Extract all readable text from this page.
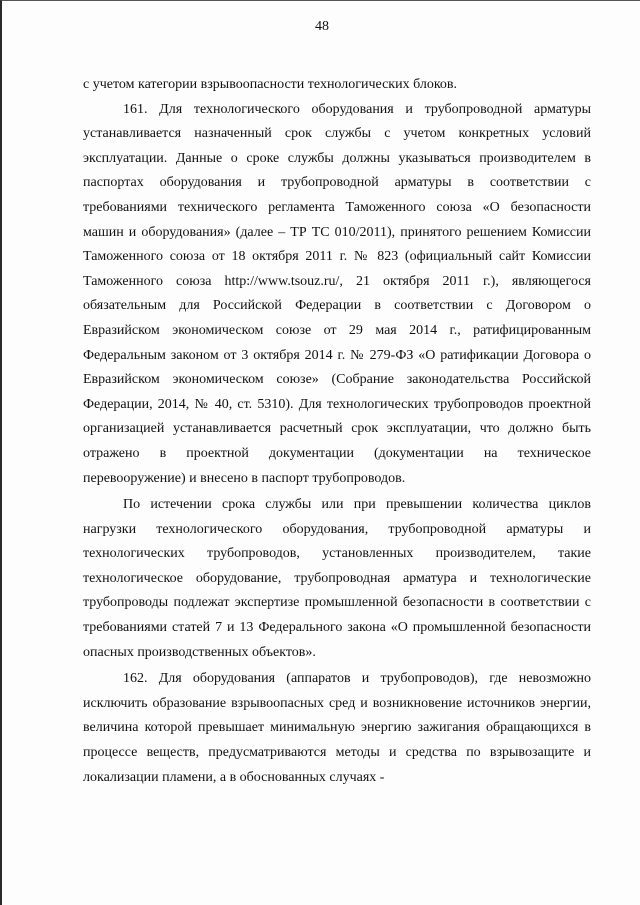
48

с учетом категории взрывоопасности технологических блоков.

161. Для технологического оборудования и трубопроводной арматуры устанавливается назначенный срок службы с учетом конкретных условий эксплуатации. Данные о сроке службы должны указываться производителем в паспортах оборудования и трубопроводной арматуры в соответствии с требованиями технического регламента Таможенного союза «О безопасности машин и оборудования» (далее – ТР ТС 010/2011), принятого решением Комиссии Таможенного союза от 18 октября 2011 г. № 823 (официальный сайт Комиссии Таможенного союза http://www.tsouz.ru/, 21 октября 2011 г.), являющегося обязательным для Российской Федерации в соответствии с Договором о Евразийском экономическом союзе от 29 мая 2014 г., ратифицированным Федеральным законом от 3 октября 2014 г. № 279-ФЗ «О ратификации Договора о Евразийском экономическом союзе» (Собрание законодательства Российской Федерации, 2014, № 40, ст. 5310). Для технологических трубопроводов проектной организацией устанавливается расчетный срок эксплуатации, что должно быть отражено в проектной документации (документации на техническое перевооружение) и внесено в паспорт трубопроводов.

По истечении срока службы или при превышении количества циклов нагрузки технологического оборудования, трубопроводной арматуры и технологических трубопроводов, установленных производителем, такие технологическое оборудование, трубопроводная арматура и технологические трубопроводы подлежат экспертизе промышленной безопасности в соответствии с требованиями статей 7 и 13 Федерального закона «О промышленной безопасности опасных производственных объектов».

162. Для оборудования (аппаратов и трубопроводов), где невозможно исключить образование взрывоопасных сред и возникновение источников энергии, величина которой превышает минимальную энергию зажигания обращающихся в процессе веществ, предусматриваются методы и средства по взрывозащите и локализации пламени, а в обоснованных случаях -
